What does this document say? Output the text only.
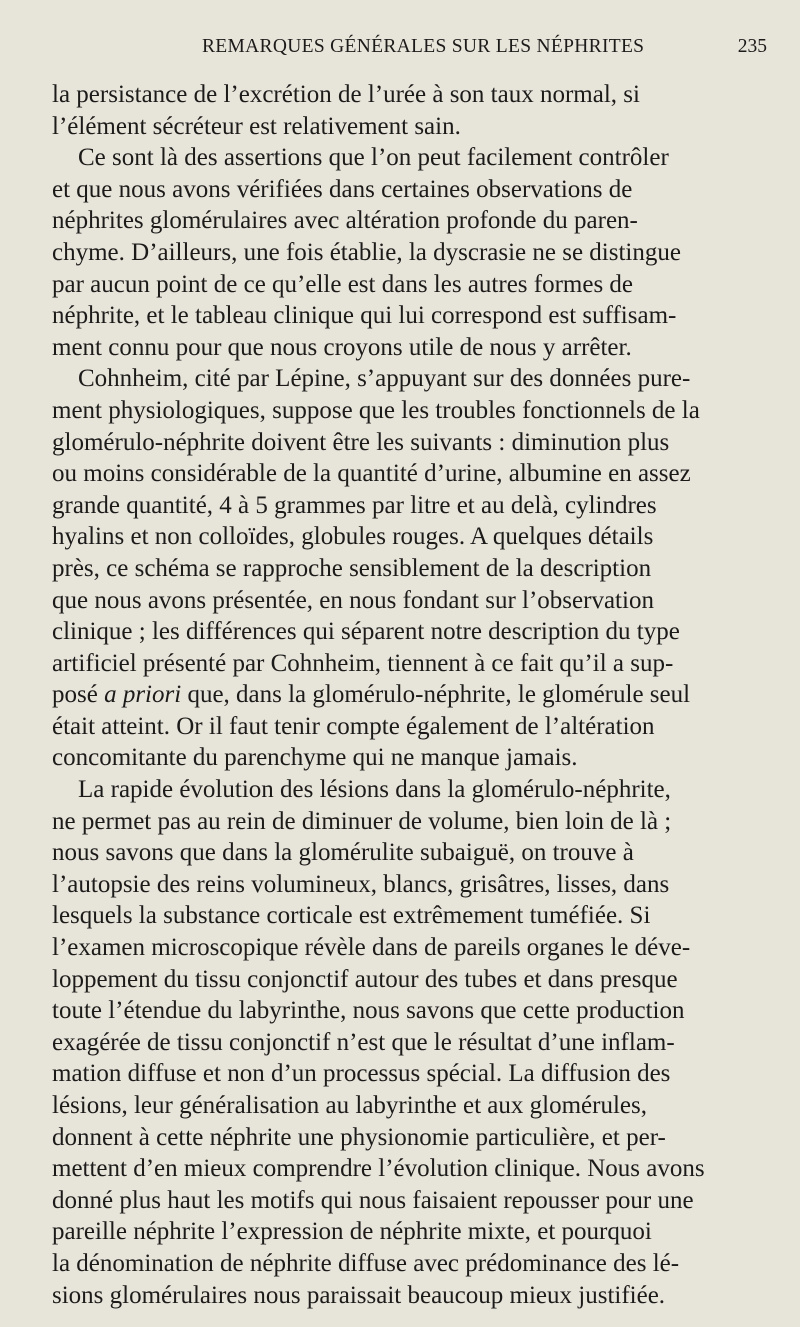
REMARQUES GÉNÉRALES SUR LES NÉPHRITES	235
la persistance de l’excrétion de l’urée à son taux normal, si
l’élément sécréteur est relativement sain.
Ce sont là des assertions que l’on peut facilement contrôler
et que nous avons vérifiées dans certaines observations de
néphrites glomérulaires avec altération profonde du paren-
chyme. D’ailleurs, une fois établie, la dyscrasie ne se distingue
par aucun point de ce qu’elle est dans les autres formes de
néphrite, et le tableau clinique qui lui correspond est suffisam-
ment connu pour que nous croyons utile de nous y arrêter.
Cohnheim, cité par Lépine, s’appuyant sur des données pure-
ment physiologiques, suppose que les troubles fonctionnels de la
glomérulo-néphrite doivent être les suivants : diminution plus
ou moins considérable de la quantité d’urine, albumine en assez
grande quantité, 4 à 5 grammes par litre et au delà, cylindres
hyalins et non colloïdes, globules rouges. A quelques détails
près, ce schéma se rapproche sensiblement de la description
que nous avons présentée, en nous fondant sur l’observation
clinique ; les différences qui séparent notre description du type
artificiel présenté par Cohnheim, tiennent à ce fait qu’il a sup-
posé a priori que, dans la glomérulo-néphrite, le glomérule seul
était atteint. Or il faut tenir compte également de l’altération
concomitante du parenchyme qui ne manque jamais.
La rapide évolution des lésions dans la glomérulo-néphrite,
ne permet pas au rein de diminuer de volume, bien loin de là ;
nous savons que dans la glomérulite subaiguë, on trouve à
l’autopsie des reins volumineux, blancs, grisâtres, lisses, dans
lesquels la substance corticale est extrêmement tuméfiée. Si
l’examen microscopique révèle dans de pareils organes le déve-
loppement du tissu conjonctif autour des tubes et dans presque
toute l’étendue du labyrinthe, nous savons que cette production
exagérée de tissu conjonctif n’est que le résultat d’une inflam-
mation diffuse et non d’un processus spécial. La diffusion des
lésions, leur généralisation au labyrinthe et aux glomérules,
donnent à cette néphrite une physionomie particulière, et per-
mettent d’en mieux comprendre l’évolution clinique. Nous avons
donné plus haut les motifs qui nous faisaient repousser pour une
pareille néphrite l’expression de néphrite mixte, et pourquoi
la dénomination de néphrite diffuse avec prédominance des lé-
sions glomérulaires nous paraissait beaucoup mieux justifiée.
